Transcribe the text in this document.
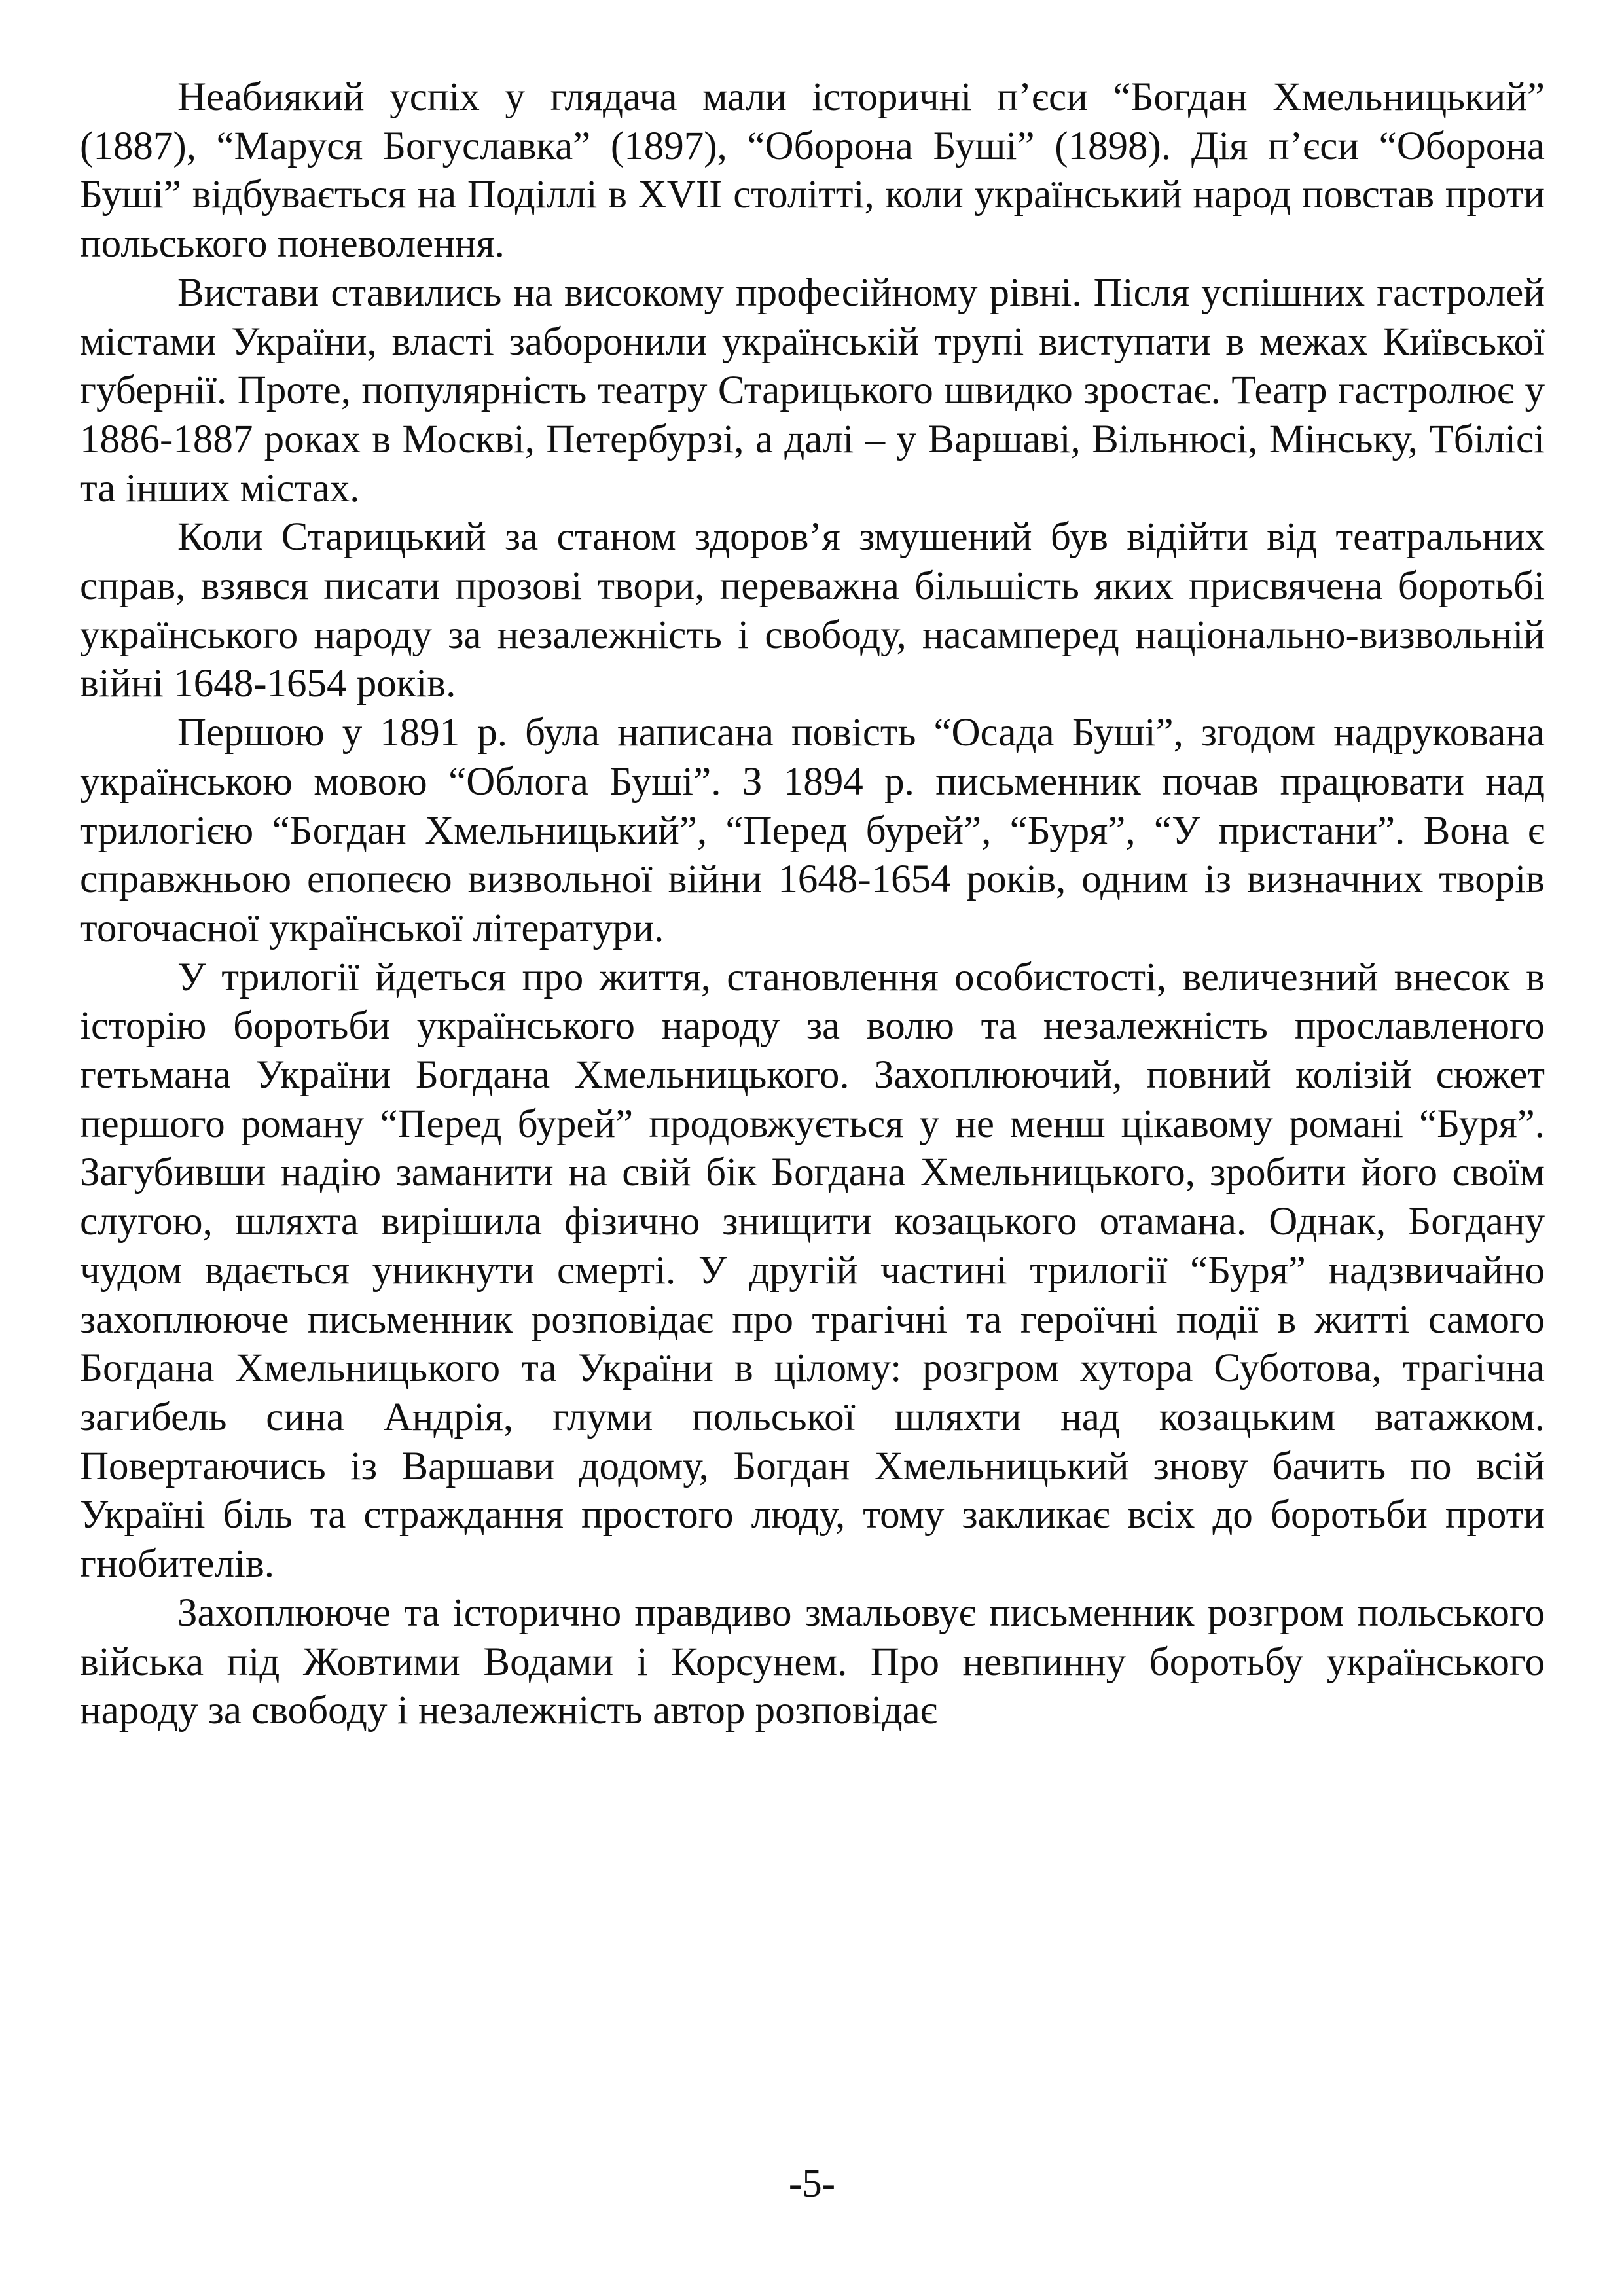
Неабиякий успіх у глядача мали історичні п’єси “Богдан Хмельницький” (1887), “Маруся Богуславка” (1897), “Оборона Буші” (1898). Дія п’єси “Оборона Буші” відбувається на Поділлі в XVII столітті, коли український народ повстав проти польського поневолення.

Вистави ставились на високому професійному рівні. Після успішних гастролей містами України, власті заборонили українській трупі виступати в межах Київської губернії. Проте, популярність театру Старицького швидко зростає. Театр гастролює у 1886-1887 роках в Москві, Петербурзі, а далі – у Варшаві, Вільнюсі, Мінську, Тбілісі та інших містах.

Коли Старицький за станом здоров’я змушений був відійти від театральних справ, взявся писати прозові твори, переважна більшість яких присвячена боротьбі українського народу за незалежність і свободу, насамперед національно-визвольній війні 1648-1654 років.

Першою у 1891 р. була написана повість “Осада Буші”, згодом надрукована українською мовою “Облога Буші”. З 1894 р. письменник почав працювати над трилогією “Богдан Хмельницький”, “Перед бурей”, “Буря”, “У пристани”. Вона є справжньою епопеєю визвольної війни 1648-1654 років, одним із визначних творів тогочасної української літератури.

У трилогії йдеться про життя, становлення особистості, величезний внесок в історію боротьби українського народу за волю та незалежність прославленого гетьмана України Богдана Хмельницького. Захоплюючий, повний колізій сюжет першого роману “Перед бурей” продовжується у не менш цікавому романі “Буря”. Загубивши надію заманити на свій бік Богдана Хмельницького, зробити його своїм слугою, шляхта вирішила фізично знищити козацького отамана. Однак, Богдану чудом вдається уникнути смерті. У другій частині трилогії “Буря” надзвичайно захоплююче письменник розповідає про трагічні та героїчні події в житті самого Богдана Хмельницького та України в цілому: розгром хутора Суботова, трагічна загибель сина Андрія, глуми польської шляхти над козацьким ватажком. Повертаючись із Варшави додому, Богдан Хмельницький знову бачить по всій Україні біль та страждання простого люду, тому закликає всіх до боротьби проти гнобителів.

Захоплююче та історично правдиво змальовує письменник розгром польського війська під Жовтими Водами і Корсунем. Про невпинну боротьбу українського народу за свободу і незалежність автор розповідає

-5-
